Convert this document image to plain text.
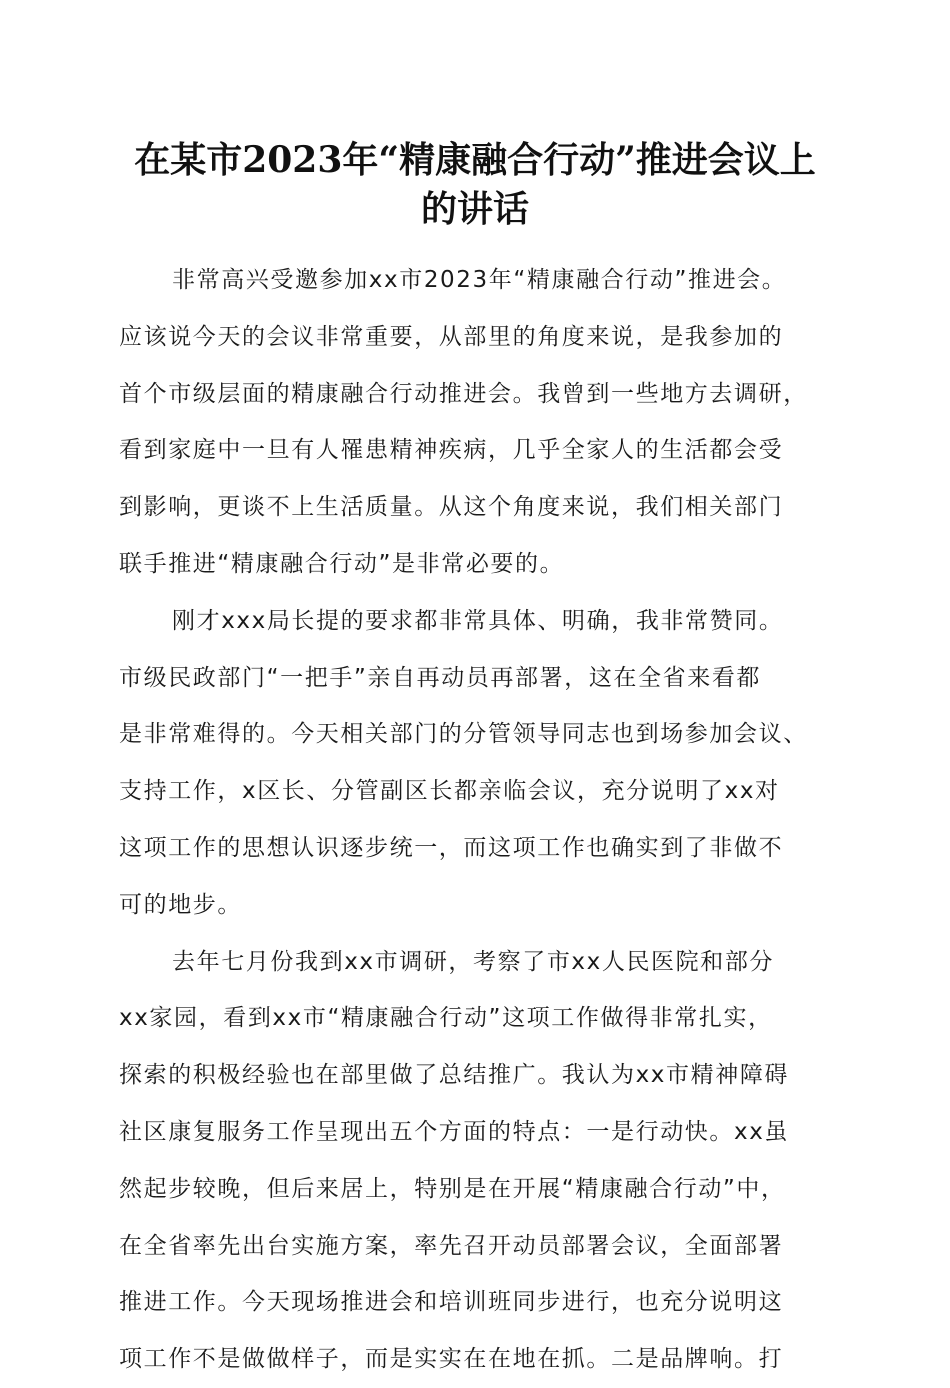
在某市2023年“精康融合行动”推进会议上
的讲话
非常高兴受邀参加xx市2023年“精康融合行动”推进会。
应该说今天的会议非常重要，从部里的角度来说，是我参加的
首个市级层面的精康融合行动推进会。我曾到一些地方去调研，
看到家庭中一旦有人罹患精神疾病，几乎全家人的生活都会受
到影响，更谈不上生活质量。从这个角度来说，我们相关部门
联手推进“精康融合行动”是非常必要的。
刚才xxx局长提的要求都非常具体、明确，我非常赞同。
市级民政部门“一把手”亲自再动员再部署，这在全省来看都
是非常难得的。今天相关部门的分管领导同志也到场参加会议、
支持工作，x区长、分管副区长都亲临会议，充分说明了xx对
这项工作的思想认识逐步统一，而这项工作也确实到了非做不
可的地步。
去年七月份我到xx市调研，考察了市xx人民医院和部分
xx家园，看到xx市“精康融合行动”这项工作做得非常扎实，
探索的积极经验也在部里做了总结推广。我认为xx市精神障碍
社区康复服务工作呈现出五个方面的特点：一是行动快。xx虽
然起步较晚，但后来居上，特别是在开展“精康融合行动”中，
在全省率先出台实施方案，率先召开动员部署会议，全面部署
推进工作。今天现场推进会和培训班同步进行，也充分说明这
项工作不是做做样子，而是实实在在地在抓。二是品牌响。打
